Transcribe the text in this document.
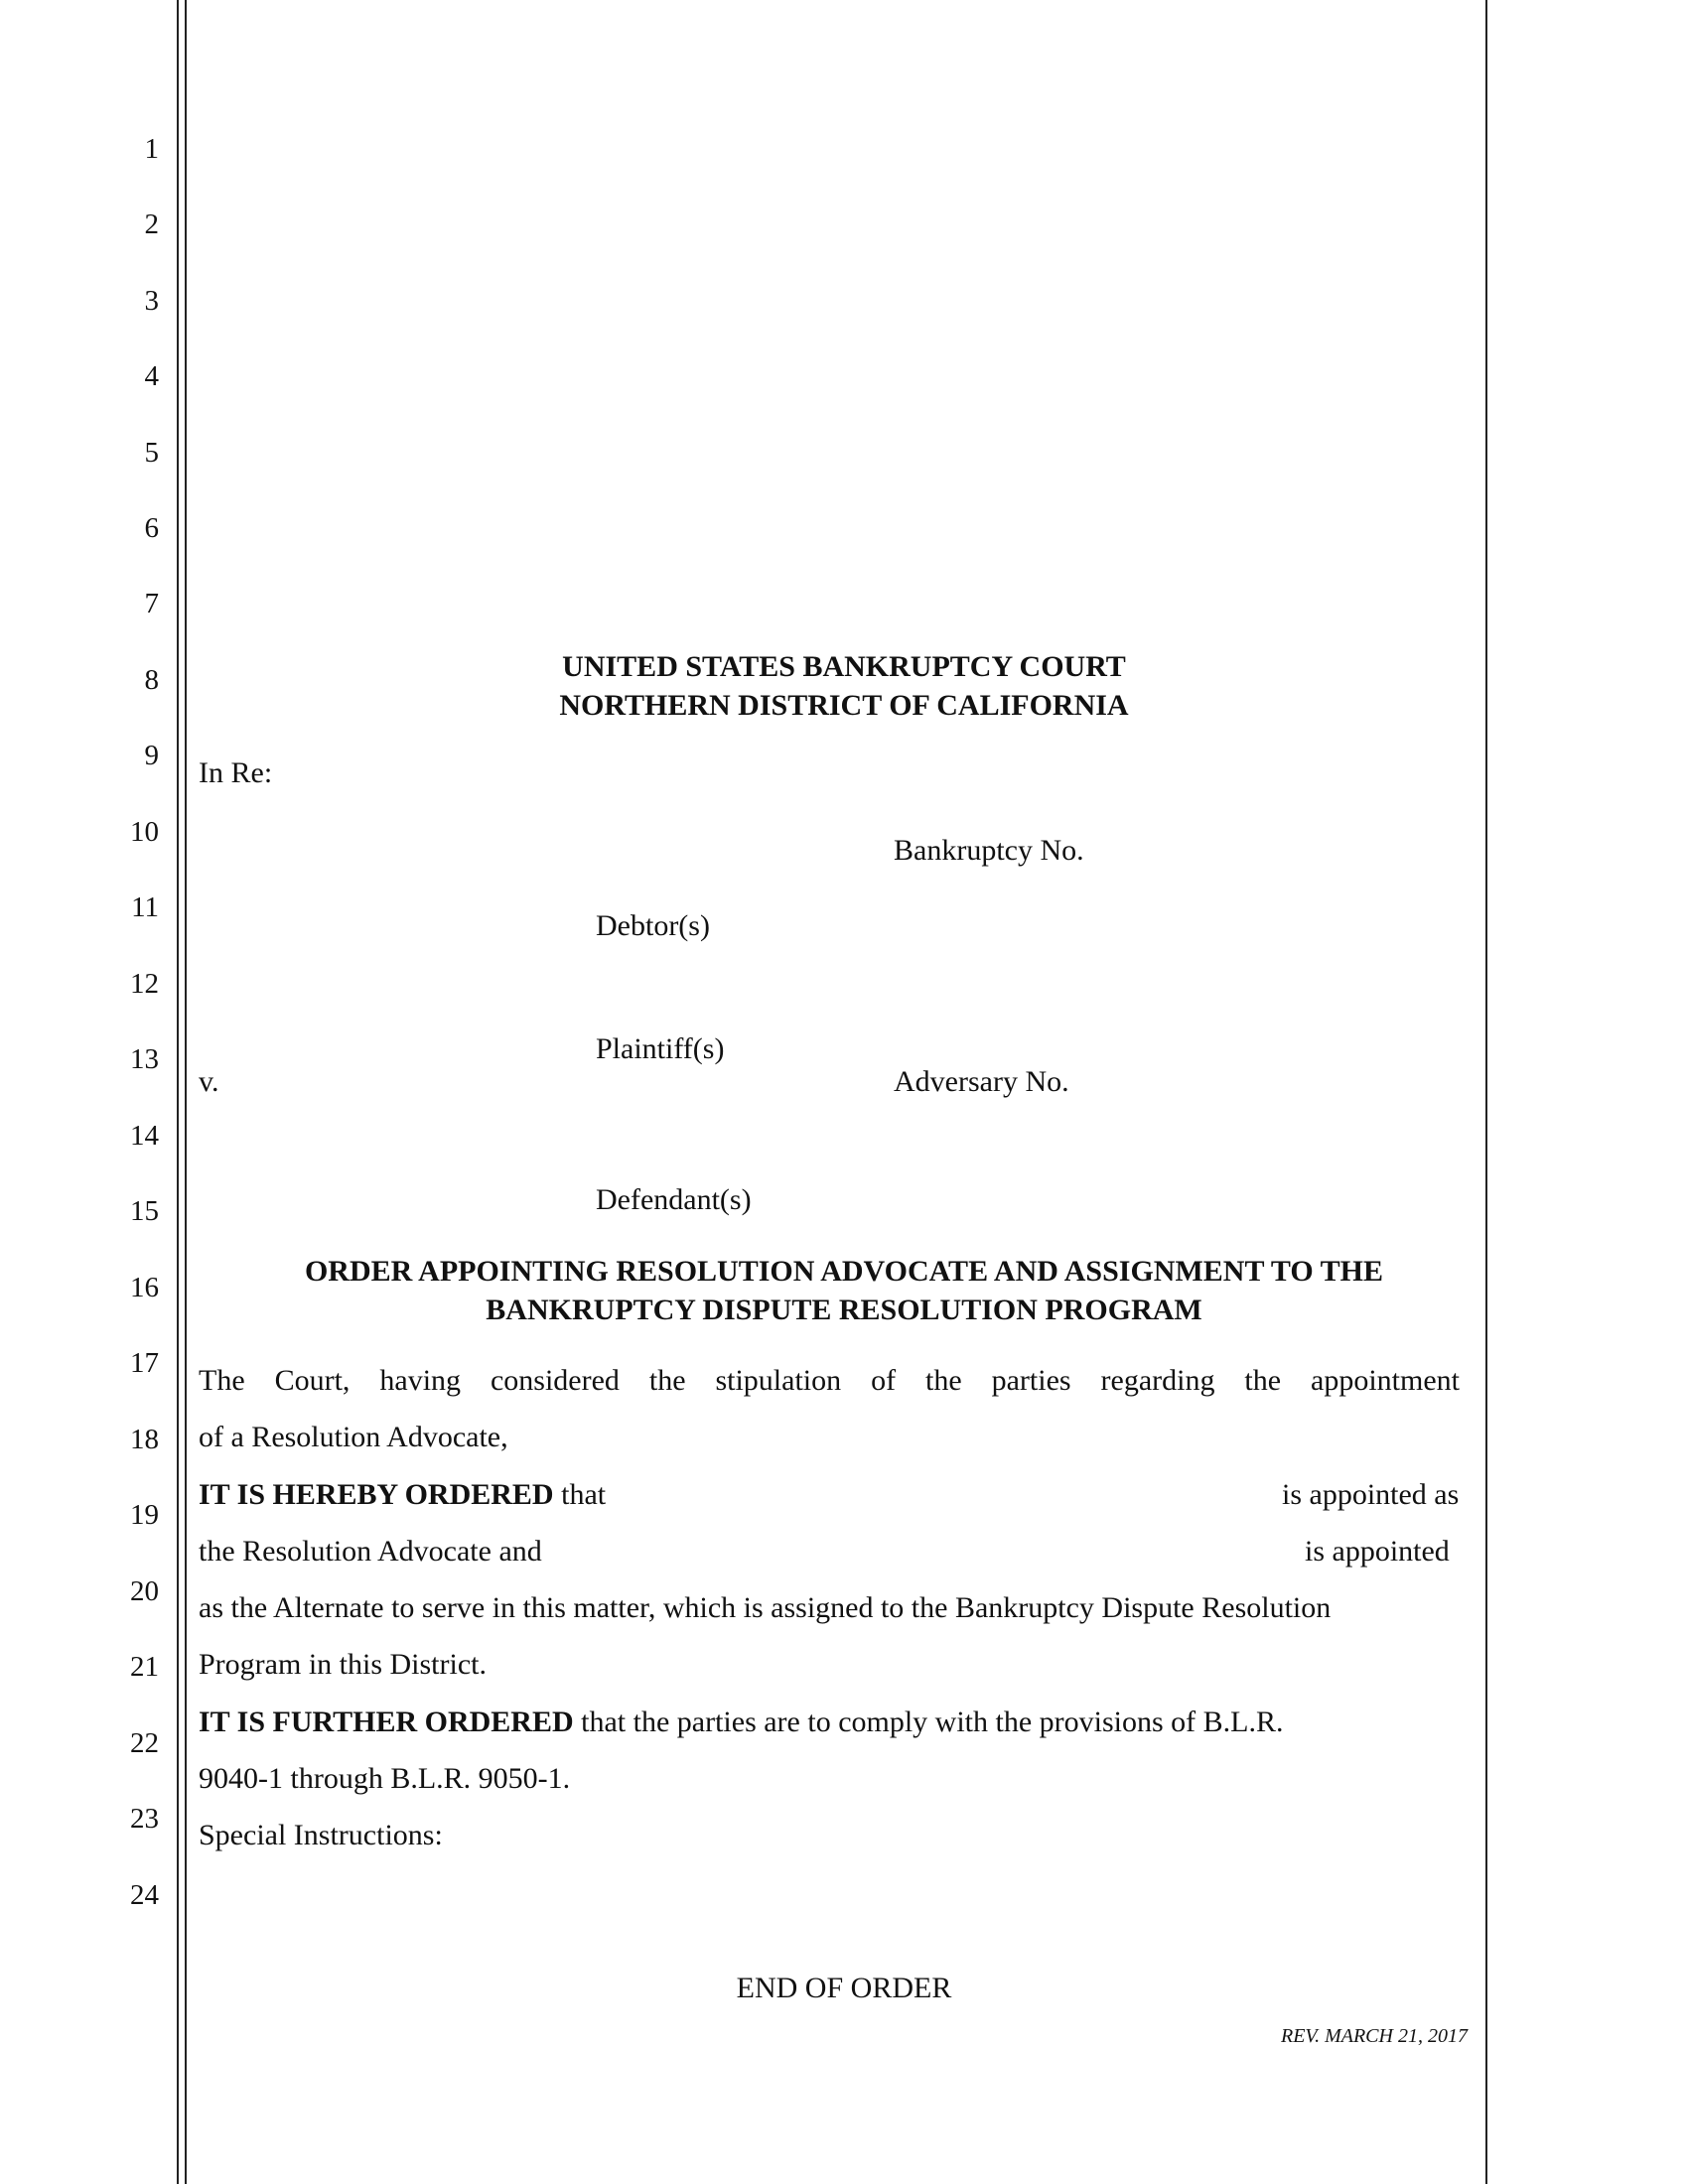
1
2
3
4
5
6
7
8
9
10
11
12
13
14
15
16
17
18
19
20
21
22
23
24
UNITED STATES BANKRUPTCY COURT
NORTHERN DISTRICT OF CALIFORNIA
In Re:
Bankruptcy No.
Debtor(s)
Plaintiff(s)
v.	Adversary No.
Defendant(s)
ORDER APPOINTING RESOLUTION ADVOCATE AND ASSIGNMENT TO THE
BANKRUPTCY DISPUTE RESOLUTION PROGRAM
The Court, having considered the stipulation of the parties regarding the appointment
of a Resolution Advocate,
IT IS HEREBY ORDERED that	is appointed as
the Resolution Advocate and	is appointed
as the Alternate to serve in this matter, which is assigned to the Bankruptcy Dispute Resolution
Program in this District.
IT IS FURTHER ORDERED that the parties are to comply with the provisions of B.L.R.
9040-1 through B.L.R. 9050-1.
Special Instructions:
END OF ORDER
REV. MARCH 21, 2017
